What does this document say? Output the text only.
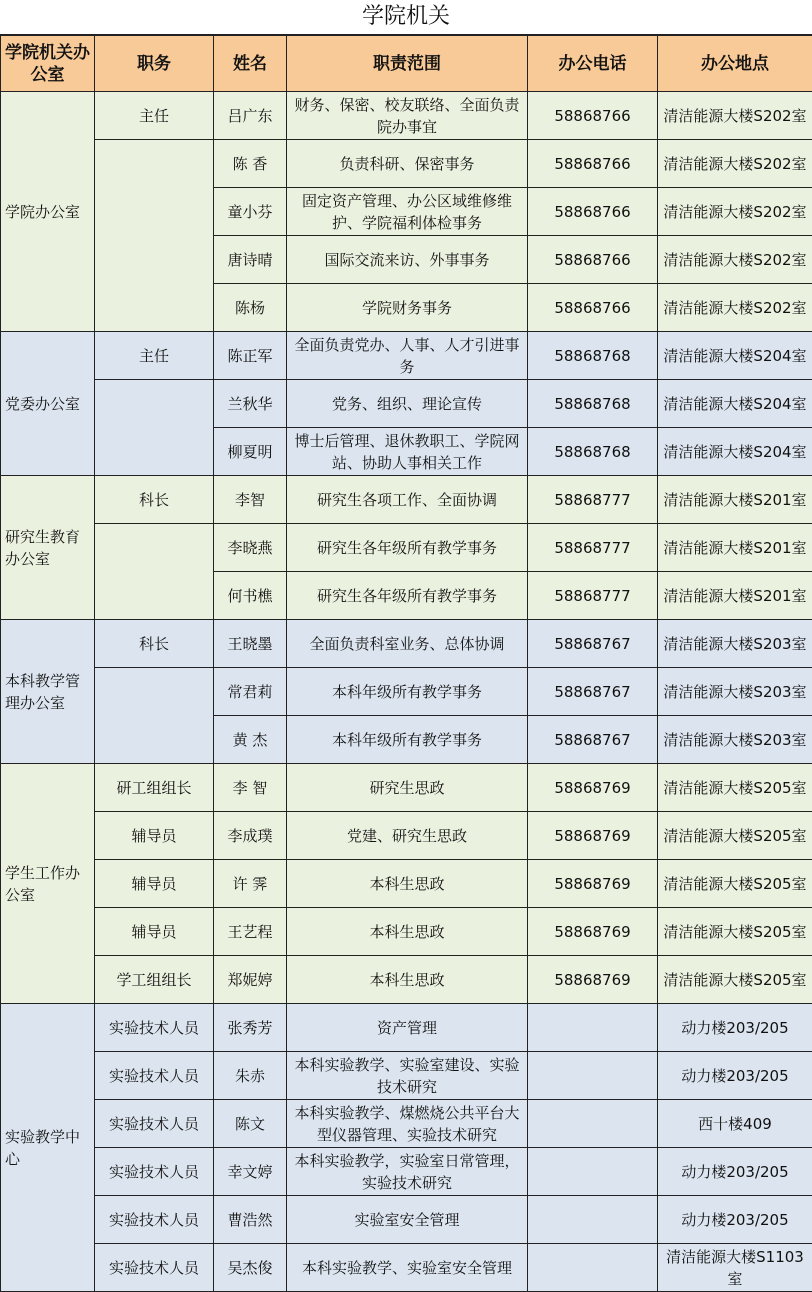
学院机关
学院机关办公室	职务	姓名	职责范围	办公电话	办公地点
学院办公室	主任	吕广东	财务、保密、校友联络、全面负责院办事宜	58868766	清洁能源大楼S202室
		陈 香	负责科研、保密事务	58868766	清洁能源大楼S202室
		童小芬	固定资产管理、办公区域维修维护、学院福利体检事务	58868766	清洁能源大楼S202室
		唐诗晴	国际交流来访、外事事务	58868766	清洁能源大楼S202室
		陈杨	学院财务事务	58868766	清洁能源大楼S202室
党委办公室	主任	陈正军	全面负责党办、人事、人才引进事务	58868768	清洁能源大楼S204室
		兰秋华	党务、组织、理论宣传	58868768	清洁能源大楼S204室
		柳夏明	博士后管理、退休教职工、学院网站、协助人事相关工作	58868768	清洁能源大楼S204室
研究生教育办公室	科长	李智	研究生各项工作、全面协调	58868777	清洁能源大楼S201室
		李晓燕	研究生各年级所有教学事务	58868777	清洁能源大楼S201室
		何书樵	研究生各年级所有教学事务	58868777	清洁能源大楼S201室
本科教学管理办公室	科长	王晓墨	全面负责科室业务、总体协调	58868767	清洁能源大楼S203室
		常君莉	本科年级所有教学事务	58868767	清洁能源大楼S203室
		黄 杰	本科年级所有教学事务	58868767	清洁能源大楼S203室
学生工作办公室	研工组组长	李 智	研究生思政	58868769	清洁能源大楼S205室
	辅导员	李成璞	党建、研究生思政	58868769	清洁能源大楼S205室
	辅导员	许 霁	本科生思政	58868769	清洁能源大楼S205室
	辅导员	王艺程	本科生思政	58868769	清洁能源大楼S205室
	学工组组长	郑妮婷	本科生思政	58868769	清洁能源大楼S205室
实验教学中心	实验技术人员	张秀芳	资产管理		动力楼203/205
	实验技术人员	朱赤	本科实验教学、实验室建设、实验技术研究		动力楼203/205
	实验技术人员	陈文	本科实验教学、煤燃烧公共平台大型仪器管理、实验技术研究		西十楼409
	实验技术人员	幸文婷	本科实验教学，实验室日常管理，实验技术研究		动力楼203/205
	实验技术人员	曹浩然	实验室安全管理		动力楼203/205
	实验技术人员	吴杰俊	本科实验教学、实验室安全管理		清洁能源大楼S1103室
